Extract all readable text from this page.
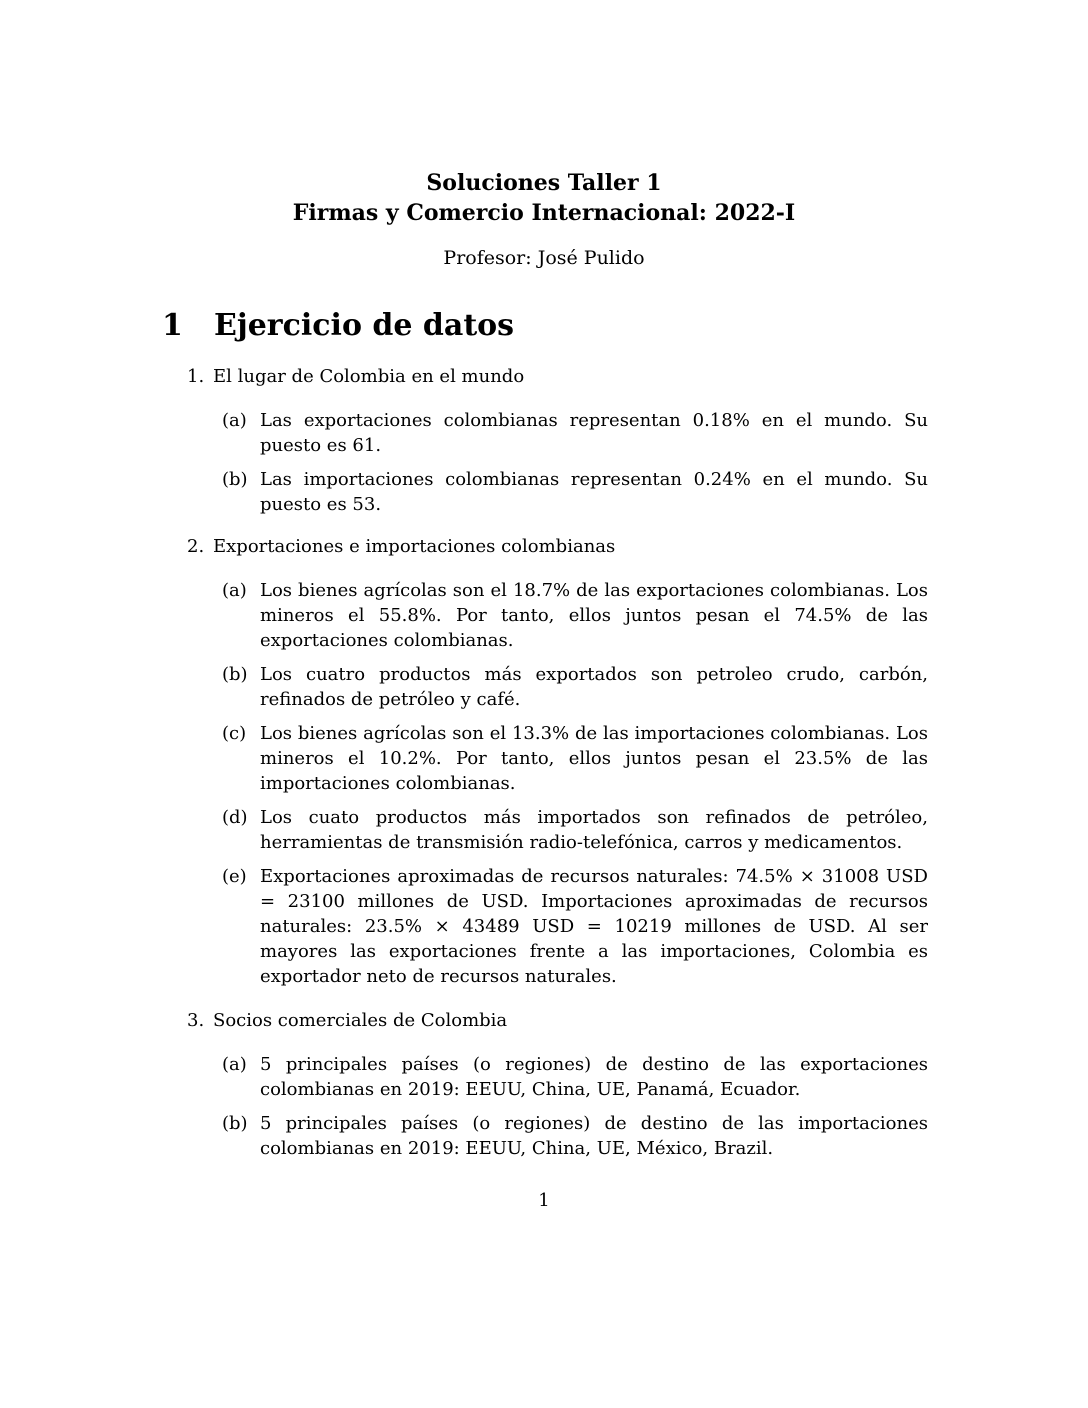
Soluciones Taller 1
Firmas y Comercio Internacional: 2022-I
Profesor: José Pulido
1 Ejercicio de datos
1. El lugar de Colombia en el mundo
(a) Las exportaciones colombianas representan 0.18% en el mundo. Su puesto es 61.
(b) Las importaciones colombianas representan 0.24% en el mundo. Su puesto es 53.
2. Exportaciones e importaciones colombianas
(a) Los bienes agrícolas son el 18.7% de las exportaciones colombianas. Los mineros el 55.8%. Por tanto, ellos juntos pesan el 74.5% de las exportaciones colombianas.
(b) Los cuatro productos más exportados son petroleo crudo, carbón, refinados de petróleo y café.
(c) Los bienes agrícolas son el 13.3% de las importaciones colombianas. Los mineros el 10.2%. Por tanto, ellos juntos pesan el 23.5% de las importaciones colombianas.
(d) Los cuato productos más importados son refinados de petróleo, herramientas de transmisión radio-telefónica, carros y medicamentos.
(e) Exportaciones aproximadas de recursos naturales: 74.5% × 31008 USD = 23100 millones de USD. Importaciones aproximadas de recursos naturales: 23.5% × 43489 USD = 10219 millones de USD. Al ser mayores las exportaciones frente a las importaciones, Colombia es exportador neto de recursos naturales.
3. Socios comerciales de Colombia
(a) 5 principales países (o regiones) de destino de las exportaciones colombianas en 2019: EEUU, China, UE, Panamá, Ecuador.
(b) 5 principales países (o regiones) de destino de las importaciones colombianas en 2019: EEUU, China, UE, México, Brazil.
1
